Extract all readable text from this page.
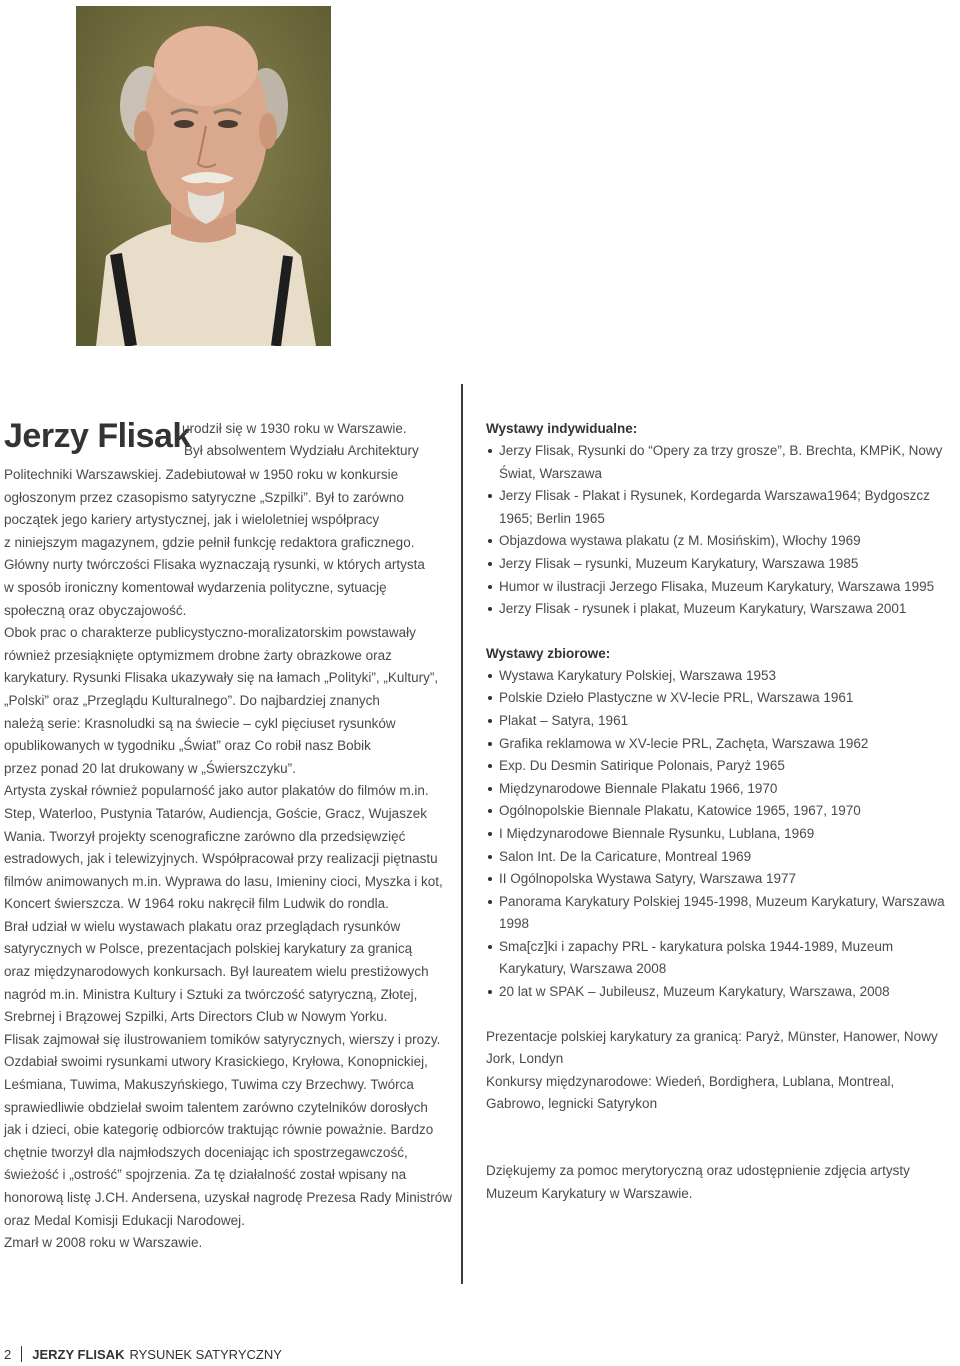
Jerzy Flisak
urodził się w 1930 roku w Warszawie.
Był absolwentem Wydziału Architektury

Politechniki Warszawskiej. Zadebiutował w 1950 roku w konkursie

ogłoszonym przez czasopismo satyryczne „Szpilki”. Był to zarówno

początek jego kariery artystycznej, jak i wieloletniej współpracy

z niniejszym magazynem, gdzie pełnił funkcję redaktora graficznego.

Główny nurty twórczości Flisaka wyznaczają rysunki, w których artysta

w sposób ironiczny komentował wydarzenia polityczne, sytuację

społeczną oraz obyczajowość.

Obok prac o charakterze publicystyczno-moralizatorskim powstawały

również przesiąknięte optymizmem drobne żarty obrazkowe oraz

karykatury. Rysunki Flisaka ukazywały się na łamach „Polityki”, „Kultury”,

„Polski” oraz „Przeglądu Kulturalnego”. Do najbardziej znanych

należą serie: Krasnoludki są na świecie – cykl pięciuset rysunków

opublikowanych w tygodniku „Świat” oraz Co robił nasz Bobik

przez ponad 20 lat drukowany w „Świerszczyku”.

Artysta zyskał również popularność jako autor plakatów do filmów m.in.

Step, Waterloo, Pustynia Tatarów, Audiencja, Goście, Gracz, Wujaszek

Wania. Tworzył projekty scenograficzne zarówno dla przedsięwzięć

estradowych, jak i telewizyjnych. Współpracował przy realizacji piętnastu

filmów animowanych m.in. Wyprawa do lasu, Imieniny cioci, Myszka i kot,

Koncert świerszcza. W 1964 roku nakręcił film Ludwik do rondla.

Brał udział w wielu wystawach plakatu oraz przeglądach rysunków

satyrycznych w Polsce, prezentacjach polskiej karykatury za granicą

oraz międzynarodowych konkursach. Był laureatem wielu prestiżowych

nagród m.in. Ministra Kultury i Sztuki za twórczość satyryczną, Złotej,

Srebrnej i Brązowej Szpilki, Arts Directors Club w Nowym Yorku.

Flisak zajmował się ilustrowaniem tomików satyrycznych, wierszy i prozy.

Ozdabiał swoimi rysunkami utwory Krasickiego, Kryłowa, Konopnickiej,

Leśmiana, Tuwima, Makuszyńskiego, Tuwima czy Brzechwy. Twórca

sprawiedliwie obdzielał swoim talentem zarówno czytelników dorosłych

jak i dzieci, obie kategorię odbiorców traktując równie poważnie. Bardzo

chętnie tworzył dla najmłodszych doceniając ich spostrzegawczość,

świeżość i „ostrość” spojrzenia. Za tę działalność został wpisany na

honorową listę J.CH. Andersena, uzyskał nagrodę Prezesa Rady Ministrów

oraz Medal Komisji Edukacji Narodowej.

Zmarł w 2008 roku w Warszawie.

Wystawy indywidualne:

Jerzy Flisak, Rysunki do “Opery za trzy grosze”, B. Brechta, KMPiK, Nowy Świat, Warszawa
Jerzy Flisak - Plakat i Rysunek, Kordegarda Warszawa1964; Bydgoszcz 1965; Berlin 1965
Objazdowa wystawa plakatu (z M. Mosińskim), Włochy 1969
Jerzy Flisak – rysunki, Muzeum Karykatury, Warszawa 1985
Humor w ilustracji Jerzego Flisaka, Muzeum Karykatury, Warszawa 1995
Jerzy Flisak - rysunek i plakat, Muzeum Karykatury, Warszawa 2001

Wystawy zbiorowe:

Wystawa Karykatury Polskiej, Warszawa 1953
Polskie Dzieło Plastyczne w XV-lecie PRL, Warszawa 1961
Plakat – Satyra, 1961
Grafika reklamowa w XV-lecie PRL, Zachęta, Warszawa 1962
Exp. Du Desmin Satirique Polonais, Paryż 1965
Międzynarodowe Biennale Plakatu 1966, 1970
Ogólnopolskie Biennale Plakatu, Katowice 1965, 1967, 1970
I Międzynarodowe Biennale Rysunku, Lublana, 1969
Salon Int. De la Caricature, Montreal 1969
II Ogólnopolska Wystawa Satyry, Warszawa 1977
Panorama Karykatury Polskiej 1945-1998, Muzeum Karykatury, Warszawa 1998
Sma[cz]ki i zapachy PRL - karykatura polska 1944-1989, Muzeum Karykatury, Warszawa 2008
20 lat w SPAK – Jubileusz, Muzeum Karykatury, Warszawa, 2008

Prezentacje polskiej karykatury za granicą: Paryż, Münster, Hanower, Nowy Jork, Londyn

Konkursy międzynarodowe: Wiedeń, Bordighera, Lublana, Montreal, Gabrowo, legnicki Satyrykon

Dziękujemy za pomoc merytoryczną oraz udostępnienie zdjęcia artysty Muzeum Karykatury w Warszawie.

2 JERZY FLISAK RYSUNEK SATYRYCZNY
